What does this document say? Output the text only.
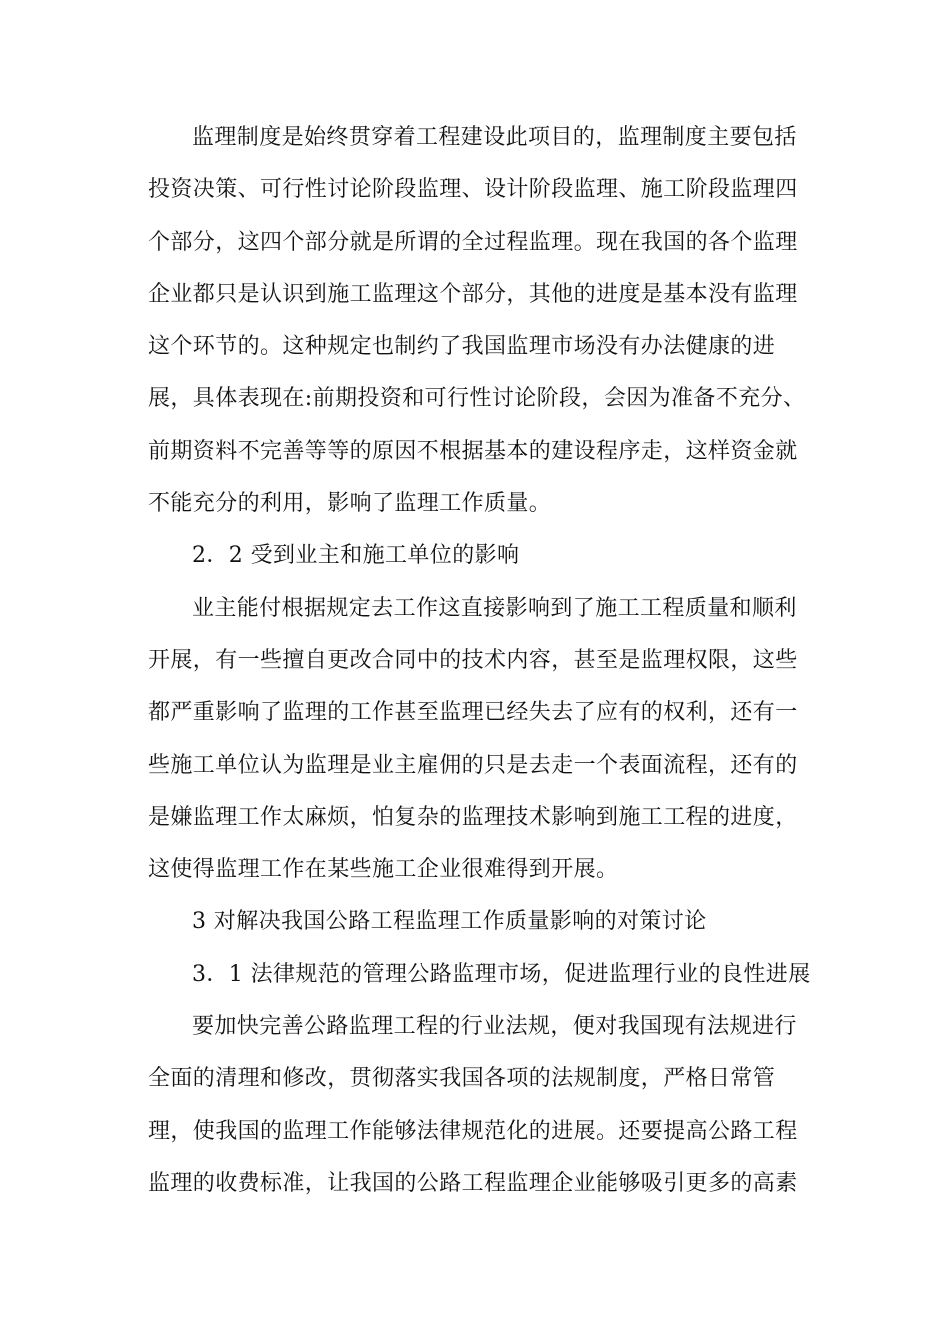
监理制度是始终贯穿着工程建设此项目的，监理制度主要包括
投资决策、可行性讨论阶段监理、设计阶段监理、施工阶段监理四
个部分，这四个部分就是所谓的全过程监理。现在我国的各个监理
企业都只是认识到施工监理这个部分，其他的进度是基本没有监理
这个环节的。这种规定也制约了我国监理市场没有办法健康的进
展，具体表现在:前期投资和可行性讨论阶段，会因为准备不充分、
前期资料不完善等等的原因不根据基本的建设程序走，这样资金就
不能充分的利用，影响了监理工作质量。
2．2 受到业主和施工单位的影响
业主能付根据规定去工作这直接影响到了施工工程质量和顺利
开展，有一些擅自更改合同中的技术内容，甚至是监理权限，这些
都严重影响了监理的工作甚至监理已经失去了应有的权利，还有一
些施工单位认为监理是业主雇佣的只是去走一个表面流程，还有的
是嫌监理工作太麻烦，怕复杂的监理技术影响到施工工程的进度，
这使得监理工作在某些施工企业很难得到开展。
3 对解决我国公路工程监理工作质量影响的对策讨论
3．1 法律规范的管理公路监理市场，促进监理行业的良性进展
要加快完善公路监理工程的行业法规，便对我国现有法规进行
全面的清理和修改，贯彻落实我国各项的法规制度，严格日常管
理，使我国的监理工作能够法律规范化的进展。还要提高公路工程
监理的收费标准，让我国的公路工程监理企业能够吸引更多的高素
